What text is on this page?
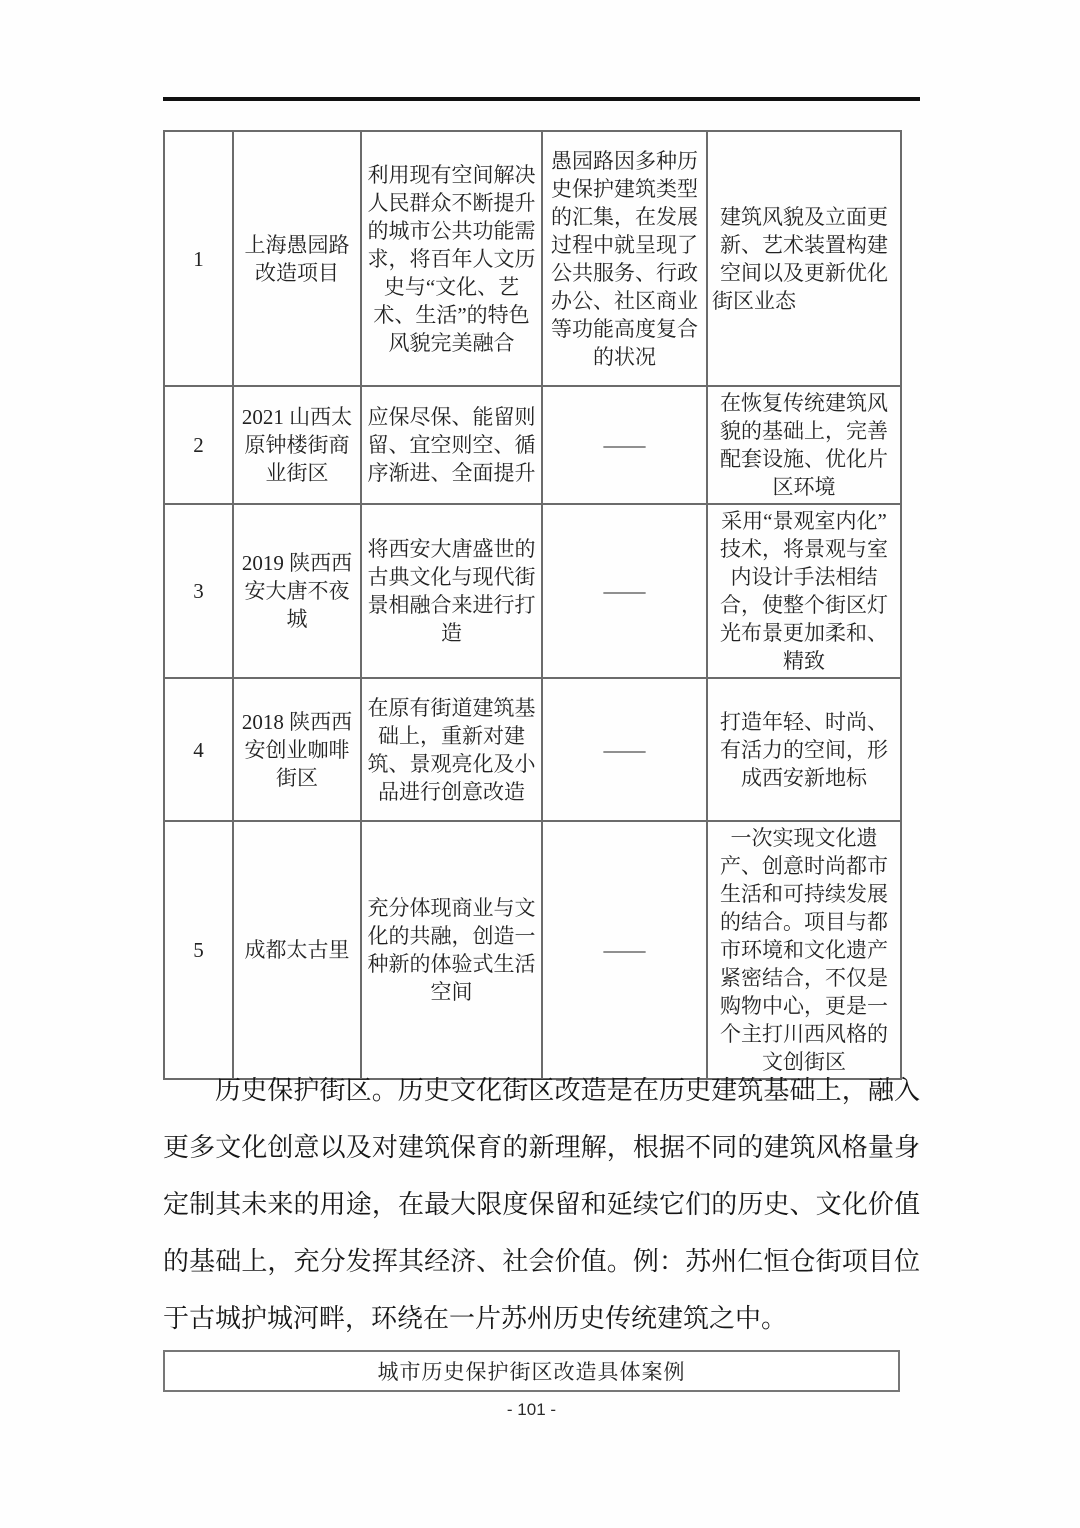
1	上海愚园路改造项目	利用现有空间解决人民群众不断提升的城市公共功能需求，将百年人文历史与“文化、艺术、生活”的特色风貌完美融合	愚园路因多种历史保护建筑类型的汇集，在发展过程中就呈现了公共服务、行政办公、社区商业等功能高度复合的状况	建筑风貌及立面更新、艺术装置构建空间以及更新优化街区业态
2	2021 山西太原钟楼街商业街区	应保尽保、能留则留、宜空则空、循序渐进、全面提升	——	在恢复传统建筑风貌的基础上，完善配套设施、优化片区环境
3	2019 陕西西安大唐不夜城	将西安大唐盛世的古典文化与现代街景相融合来进行打造	——	采用“景观室内化”技术，将景观与室内设计手法相结合，使整个街区灯光布景更加柔和、精致
4	2018 陕西西安创业咖啡街区	在原有街道建筑基础上，重新对建筑、景观亮化及小品进行创意改造	——	打造年轻、时尚、有活力的空间，形成西安新地标
5	成都太古里	充分体现商业与文化的共融，创造一种新的体验式生活空间	——	一次实现文化遗产、创意时尚都市生活和可持续发展的结合。项目与都市环境和文化遗产紧密结合，不仅是购物中心，更是一个主打川西风格的文创街区

历史保护街区。历史文化街区改造是在历史建筑基础上，融入更多文化创意以及对建筑保育的新理解，根据不同的建筑风格量身定制其未来的用途，在最大限度保留和延续它们的历史、文化价值的基础上，充分发挥其经济、社会价值。例：苏州仁恒仓街项目位于古城护城河畔，环绕在一片苏州历史传统建筑之中。

城市历史保护街区改造具体案例
- 101 -
